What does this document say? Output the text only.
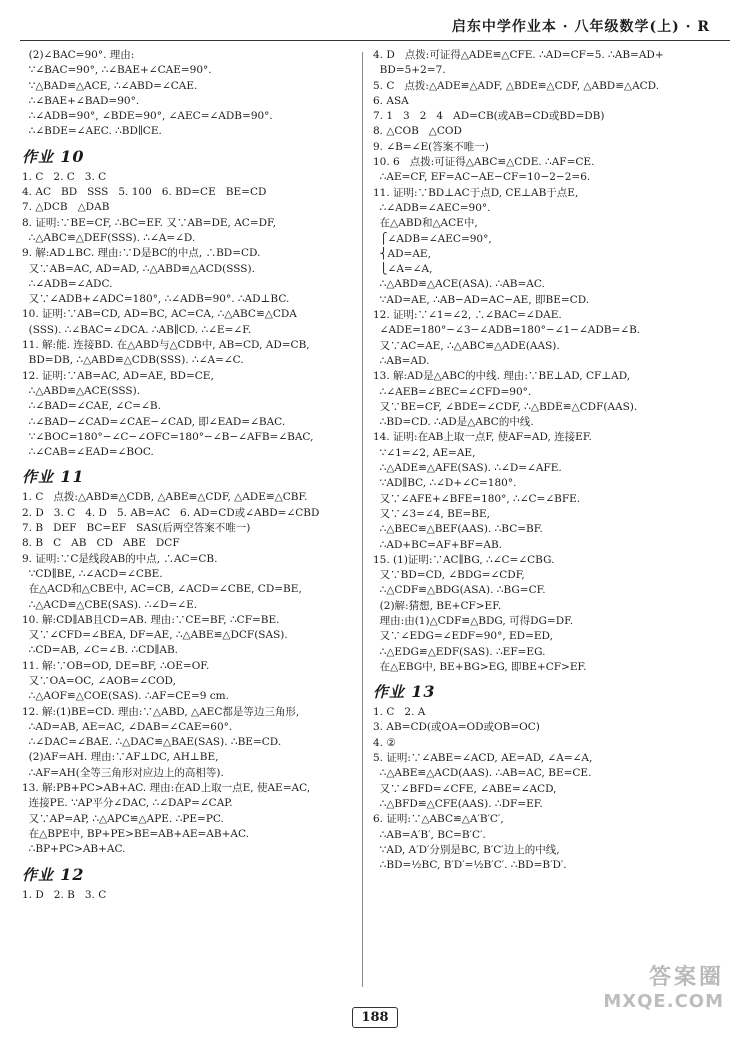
启东中学作业本 · 八年级数学(上) · R
(2)∠BAC=90°. 理由:
∵∠BAC=90°, ∴∠BAE+∠CAE=90°.
∵△BAD≌△ACE, ∴∠ABD=∠CAE.
∴∠BAE+∠BAD=90°.
∴∠ADB=90°, ∠BDE=90°, ∠AEC=∠ADB=90°.
∴∠BDE=∠AEC. ∴BD∥CE.
作业 10
1. C   2. C   3. C
4. AC   BD   SSS   5. 100   6. BD=CE   BE=CD
7. △DCB   △DAB
8. 证明:∵BE=CF, ∴BC=EF. 又∵AB=DE, AC=DF,
∴△ABC≌△DEF(SSS). ∴∠A=∠D.
9. 解:AD⊥BC. 理由:∵D是BC的中点, ∴BD=CD.
又∵AB=AC, AD=AD, ∴△ABD≌△ACD(SSS).
∴∠ADB=∠ADC.
又∵∠ADB+∠ADC=180°, ∴∠ADB=90°. ∴AD⊥BC.
10. 证明:∵AB=CD, AD=BC, AC=CA, ∴△ABC≌△CDA
(SSS). ∴∠BAC=∠DCA. ∴AB∥CD. ∴∠E=∠F.
11. 解:能. 连接BD. 在△ABD与△CDB中, AB=CD, AD=CB,
BD=DB, ∴△ABD≌△CDB(SSS). ∴∠A=∠C.
12. 证明:∵AB=AC, AD=AE, BD=CE,
∴△ABD≌△ACE(SSS).
∴∠BAD=∠CAE, ∠C=∠B.
∴∠BAD−∠CAD=∠CAE−∠CAD, 即∠EAD=∠BAC.
∵∠BOC=180°−∠C−∠OFC=180°−∠B−∠AFB=∠BAC,
∴∠CAB=∠EAD=∠BOC.
作业 11
1. C   点拨:△ABD≌△CDB, △ABE≌△CDF, △ADE≌△CBF.
2. D   3. C   4. D   5. AB=AC   6. AD=CD或∠ABD=∠CBD
7. B   DEF   BC=EF   SAS(后两空答案不唯一)
8. B   C   AB   CD   ABE   DCF
9. 证明:∵C是线段AB的中点, ∴AC=CB.
∵CD∥BE, ∴∠ACD=∠CBE.
在△ACD和△CBE中, AC=CB, ∠ACD=∠CBE, CD=BE,
∴△ACD≌△CBE(SAS). ∴∠D=∠E.
10. 解:CD∥AB且CD=AB. 理由:∵CE=BF, ∴CF=BE.
又∵∠CFD=∠BEA, DF=AE, ∴△ABE≌△DCF(SAS).
∴CD=AB, ∠C=∠B. ∴CD∥AB.
11. 解:∵OB=OD, DE=BF, ∴OE=OF.
又∵OA=OC, ∠AOB=∠COD,
∴△AOF≌△COE(SAS). ∴AF=CE=9 cm.
12. 解:(1)BE=CD. 理由:∵△ABD, △AEC都是等边三角形,
∴AD=AB, AE=AC, ∠DAB=∠CAE=60°.
∴∠DAC=∠BAE. ∴△DAC≌△BAE(SAS). ∴BE=CD.
(2)AF=AH. 理由:∵AF⊥DC, AH⊥BE,
∴AF=AH(全等三角形对应边上的高相等).
13. 解:PB+PC>AB+AC. 理由:在AD上取一点E, 使AE=AC,
连接PE. ∵AP平分∠DAC, ∴∠DAP=∠CAP.
又∵AP=AP, ∴△APC≌△APE. ∴PE=PC.
在△BPE中, BP+PE>BE=AB+AE=AB+AC.
∴BP+PC>AB+AC.
作业 12
1. D   2. B   3. C
4. D   点拨:可证得△ADE≌△CFE. ∴AD=CF=5. ∴AB=AD+
BD=5+2=7.
5. C   点拨:△ADE≌△ADF, △BDE≌△CDF, △ABD≌△ACD.
6. ASA
7. 1   3   2   4   AD=CB(或AB=CD或BD=DB)
8. △COB   △COD
9. ∠B=∠E(答案不唯一)
10. 6   点拨:可证得△ABC≌△CDE. ∴AF=CE.
∴AE=CF, EF=AC−AE−CF=10−2−2=6.
11. 证明:∵BD⊥AC于点D, CE⊥AB于点E,
∴∠ADB=∠AEC=90°.
在△ABD和△ACE中,
⎧∠ADB=∠AEC=90°,
⎨AD=AE,
⎩∠A=∠A,
∴△ABD≌△ACE(ASA). ∴AB=AC.
∵AD=AE, ∴AB−AD=AC−AE, 即BE=CD.
12. 证明:∵∠1=∠2, ∴∠BAC=∠DAE.
∠ADE=180°−∠3−∠ADB=180°−∠1−∠ADB=∠B.
又∵AC=AE, ∴△ABC≌△ADE(AAS).
∴AB=AD.
13. 解:AD是△ABC的中线. 理由:∵BE⊥AD, CF⊥AD,
∴∠AEB=∠BEC=∠CFD=90°.
又∵BE=CF, ∠BDE=∠CDF, ∴△BDE≌△CDF(AAS).
∴BD=CD. ∴AD是△ABC的中线.
14. 证明:在AB上取一点F, 使AF=AD, 连接EF.
∵∠1=∠2, AE=AE,
∴△ADE≌△AFE(SAS). ∴∠D=∠AFE.
∵AD∥BC, ∴∠D+∠C=180°.
又∵∠AFE+∠BFE=180°, ∴∠C=∠BFE.
又∵∠3=∠4, BE=BE,
∴△BEC≌△BEF(AAS). ∴BC=BF.
∴AD+BC=AF+BF=AB.
15. (1)证明:∵AC∥BG, ∴∠C=∠CBG.
又∵BD=CD, ∠BDG=∠CDF,
∴△CDF≌△BDG(ASA). ∴BG=CF.
(2)解:猜想, BE+CF>EF.
理由:由(1)△CDF≌△BDG, 可得DG=DF.
又∵∠EDG=∠EDF=90°, ED=ED,
∴△EDG≌△EDF(SAS). ∴EF=EG.
在△EBG中, BE+BG>EG, 即BE+CF>EF.
作业 13
1. C   2. A
3. AB=CD(或OA=OD或OB=OC)
4. ②
5. 证明:∵∠ABE=∠ACD, AE=AD, ∠A=∠A,
∴△ABE≌△ACD(AAS). ∴AB=AC, BE=CE.
又∵∠BFD=∠CFE, ∠ABE=∠ACD,
∴△BFD≌△CFE(AAS). ∴DF=EF.
6. 证明:∵△ABC≌△A′B′C′,
∴AB=A′B′, BC=B′C′.
∵AD, A′D′分别是BC, B′C′边上的中线,
∴BD=½BC, B′D′=½B′C′. ∴BD=B′D′.
188
答案圈
MXQE.COM
